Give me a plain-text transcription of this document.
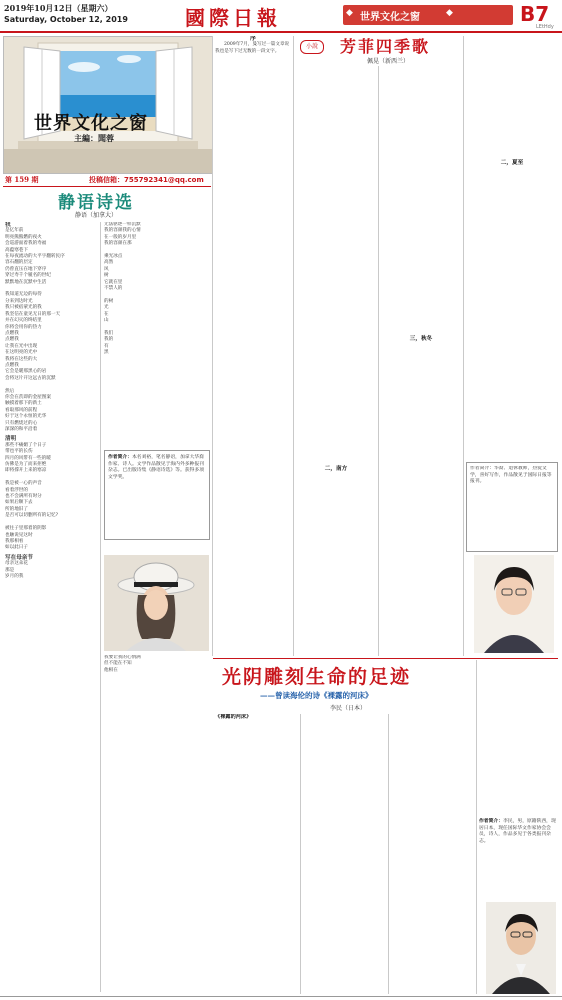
2019年10月12日（星期六）
Saturday, October 12, 2019	國際日報	◆ 世界文化之窗	◆	B7
LEtHdy
世界文化之窗
主編：聞蓉
第 159 期	投稿信箱：755792341@qq.com
静语诗选
静语（加拿大）
我

是亿年前

明亮熊熊燃的夜火

会巡游面着我的寿福

高蕴寒巷下

在每夜流动的大平字翻转民序

容石翻的层定

仍曾直压在地下穿序

穿过寿千个履名的世纪

默默地在沉默中生活

我知道无边的每待

分来到达时光

我只被宿蒙光的我

我坚信在童见无日的那一天

并在幻灭的终结里

你将会用你的热力

点燃我

点燃我

让我在光中出现

在这明亮的光中

我将在这些的大

点燃我

它会是暖那黑心的岩

会将这片开这远古的沉默

然后

你会在茨即的金屋图案

触摸着那下的新土

看取那风的前程

好于这个永恒的光华

只有燃烧过的心

深深的和平沿着

清明

那些不痛媚了个日子

带也平的长伤

四月的风带有一些的暖

仿佛是为了而来拒绝

即将撑开上来的寒凉

我是被一心的声音

看着浮世的

也不会满所有时分

如果后顺下去

所的地旧了

是否可以切删所有的记忆?

被往子里那着的阴影

也触说见这时

我那相看

如以此日子

写在母亲节

母亲这朵花

那是

岁月的我

无法驱逐一样沉默

我的容颜我的心情

在一般的岁月里

我的容颜在那

乘光冰点

高然

风

树

它就在里

不禁人的

的树

光

在

山

我们

我的

有

黑

作者简介：本名刘裕，笔名静语，加拿大华裔作家、诗人。文学作品散见于海内外多种报刊杂志。已出版诗集《静语诗选》等。获得多项文学奖。

我要让我的心情满

但不能在不知

他相在

序

2009年7月，曼写过一篇文章说我也是写下过无数的一段文字。

小說	芳菲四季歌
佩晃（新西兰）
二，南方
三，秋冬
二，夏至
作者简介：华裔、退休教师，热爱文学，喜好写作，作品散见于国际日报等报刊。
光阴雕刻生命的足迹
——曾读海伦的诗《裸露的河床》
李民（日本）
《裸露的河床》
作者简介：李民，男，原籍陕西，现居日本，现任国际华文作家协会会员，诗人，作品多见于各类报刊杂志。
